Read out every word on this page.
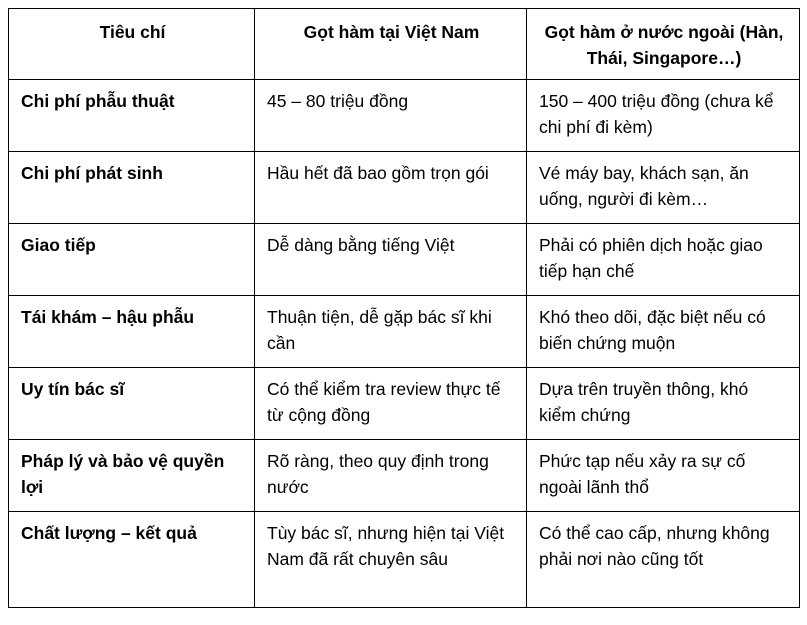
Tiêu chí	Gọt hàm tại Việt Nam	Gọt hàm ở nước ngoài (Hàn, Thái, Singapore…)
Chi phí phẫu thuật	45 – 80 triệu đồng	150 – 400 triệu đồng (chưa kể chi phí đi kèm)
Chi phí phát sinh	Hầu hết đã bao gồm trọn gói	Vé máy bay, khách sạn, ăn uống, người đi kèm…
Giao tiếp	Dễ dàng bằng tiếng Việt	Phải có phiên dịch hoặc giao tiếp hạn chế
Tái khám – hậu phẫu	Thuận tiện, dễ gặp bác sĩ khi cần	Khó theo dõi, đặc biệt nếu có biến chứng muộn
Uy tín bác sĩ	Có thể kiểm tra review thực tế từ cộng đồng	Dựa trên truyền thông, khó kiểm chứng
Pháp lý và bảo vệ quyền lợi	Rõ ràng, theo quy định trong nước	Phức tạp nếu xảy ra sự cố ngoài lãnh thổ
Chất lượng – kết quả	Tùy bác sĩ, nhưng hiện tại Việt Nam đã rất chuyên sâu	Có thể cao cấp, nhưng không phải nơi nào cũng tốt
